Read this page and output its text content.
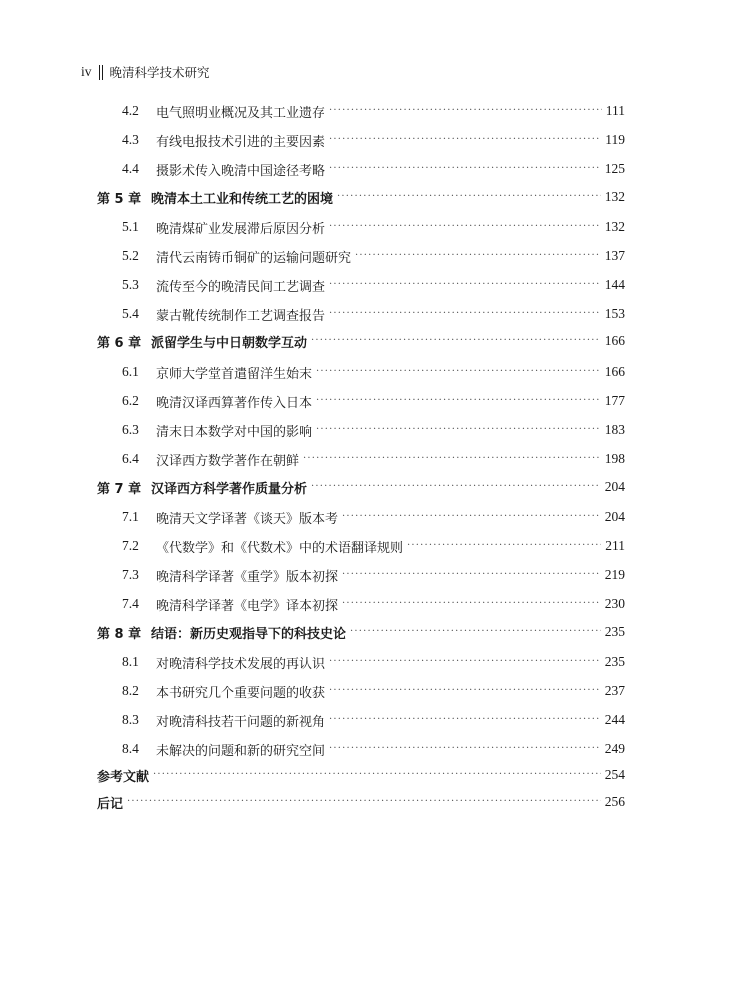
iv 晚清科学技术研究
4.2	电气照明业概况及其工业遗存 ·····	111
4.3	有线电报技术引进的主要因素 ·····	119
4.4	摄影术传入晚清中国途径考略 ·····	125
第 5 章 晚清本土工业和传统工艺的困境 ·····	132
5.1	晚清煤矿业发展滞后原因分析 ·····	132
5.2	清代云南铸币铜矿的运输问题研究 ·····	137
5.3	流传至今的晚清民间工艺调查 ·····	144
5.4	蒙古靴传统制作工艺调查报告 ·····	153
第 6 章 派留学生与中日朝数学互动 ·····	166
6.1	京师大学堂首遣留洋生始末 ·····	166
6.2	晚清汉译西算著作传入日本 ·····	177
6.3	清末日本数学对中国的影响 ·····	183
6.4	汉译西方数学著作在朝鲜 ·····	198
第 7 章 汉译西方科学著作质量分析 ·····	204
7.1	晚清天文学译著《谈天》版本考 ·····	204
7.2	《代数学》和《代数术》中的术语翻译规则 ·····	211
7.3	晚清科学译著《重学》版本初探 ·····	219
7.4	晚清科学译著《电学》译本初探 ·····	230
第 8 章 结语：新历史观指导下的科技史论 ·····	235
8.1	对晚清科学技术发展的再认识 ·····	235
8.2	本书研究几个重要问题的收获 ·····	237
8.3	对晚清科技若干问题的新视角 ·····	244
8.4	未解决的问题和新的研究空间 ·····	249
参考文献 ·····	254
后记 ·····	256
